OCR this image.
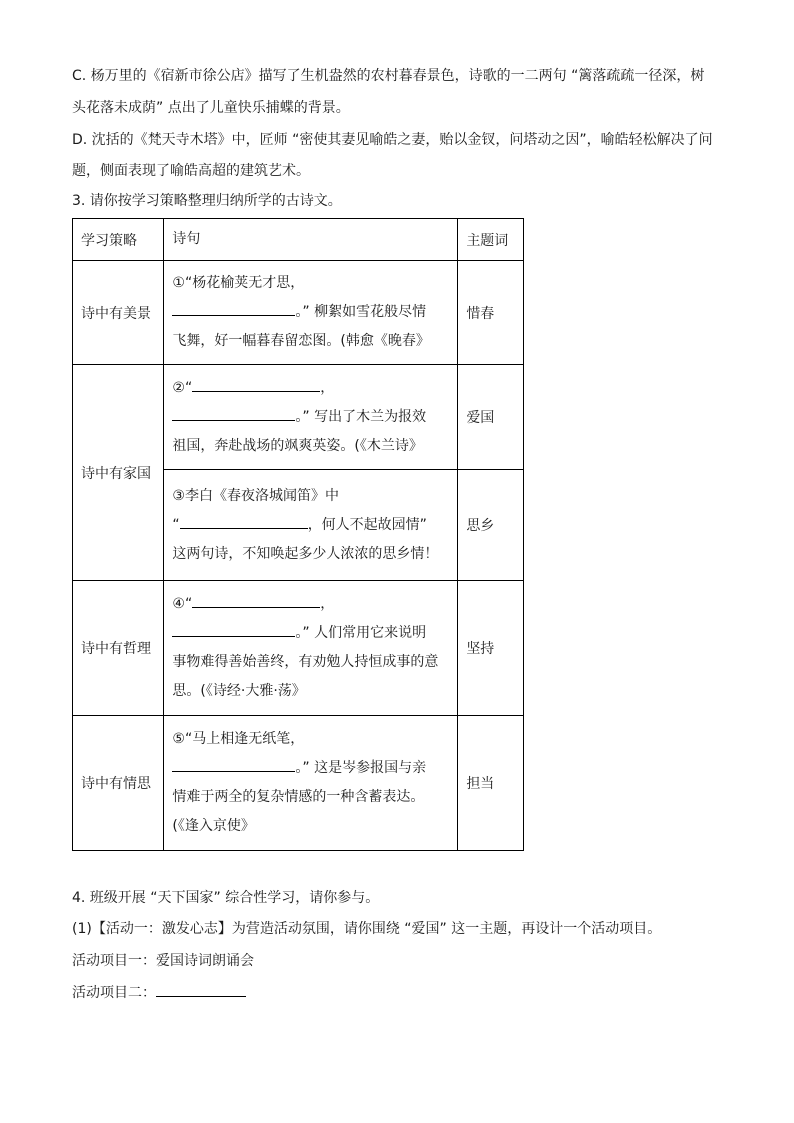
C. 杨万里的《宿新市徐公店》描写了生机盎然的农村暮春景色，诗歌的一二两句 “篱落疏疏一径深，树
头花落未成荫” 点出了儿童快乐捕蝶的背景。
D. 沈括的《梵天寺木塔》中，匠师 “密使其妻见喻皓之妻，贻以金钗，问塔动之因”，喻皓轻松解决了问
题，侧面表现了喻皓高超的建筑艺术。
3. 请你按学习策略整理归纳所学的古诗文。
学习策略	诗句	主题词
诗中有美景	①“杨花榆荚无才思，
。” 柳絮如雪花般尽情
飞舞，好一幅暮春留恋图。(韩愈《晚春》	惜春
诗中有家国	②“ ，
。” 写出了木兰为报效
祖国，奔赴战场的飒爽英姿。(《木兰诗》	爱国

	③李白《春夜洛城闻笛》中
“ ，何人不起故园情”
这两句诗，不知唤起多少人浓浓的思乡情！	思乡
诗中有哲理	④“ ，
。” 人们常用它来说明
事物难得善始善终，有劝勉人持恒成事的意
思。(《诗经·大雅·荡》	坚持
诗中有情思	⑤“马上相逢无纸笔，
。” 这是岑参报国与亲
情难于两全的复杂情感的一种含蓄表达。
(《逢入京使》	担当
4. 班级开展 “天下国家” 综合性学习，请你参与。
(1)【活动一：激发心志】为营造活动氛围，请你围绕 “爱国” 这一主题，再设计一个活动项目。
活动项目一：爱国诗词朗诵会
活动项目二：
